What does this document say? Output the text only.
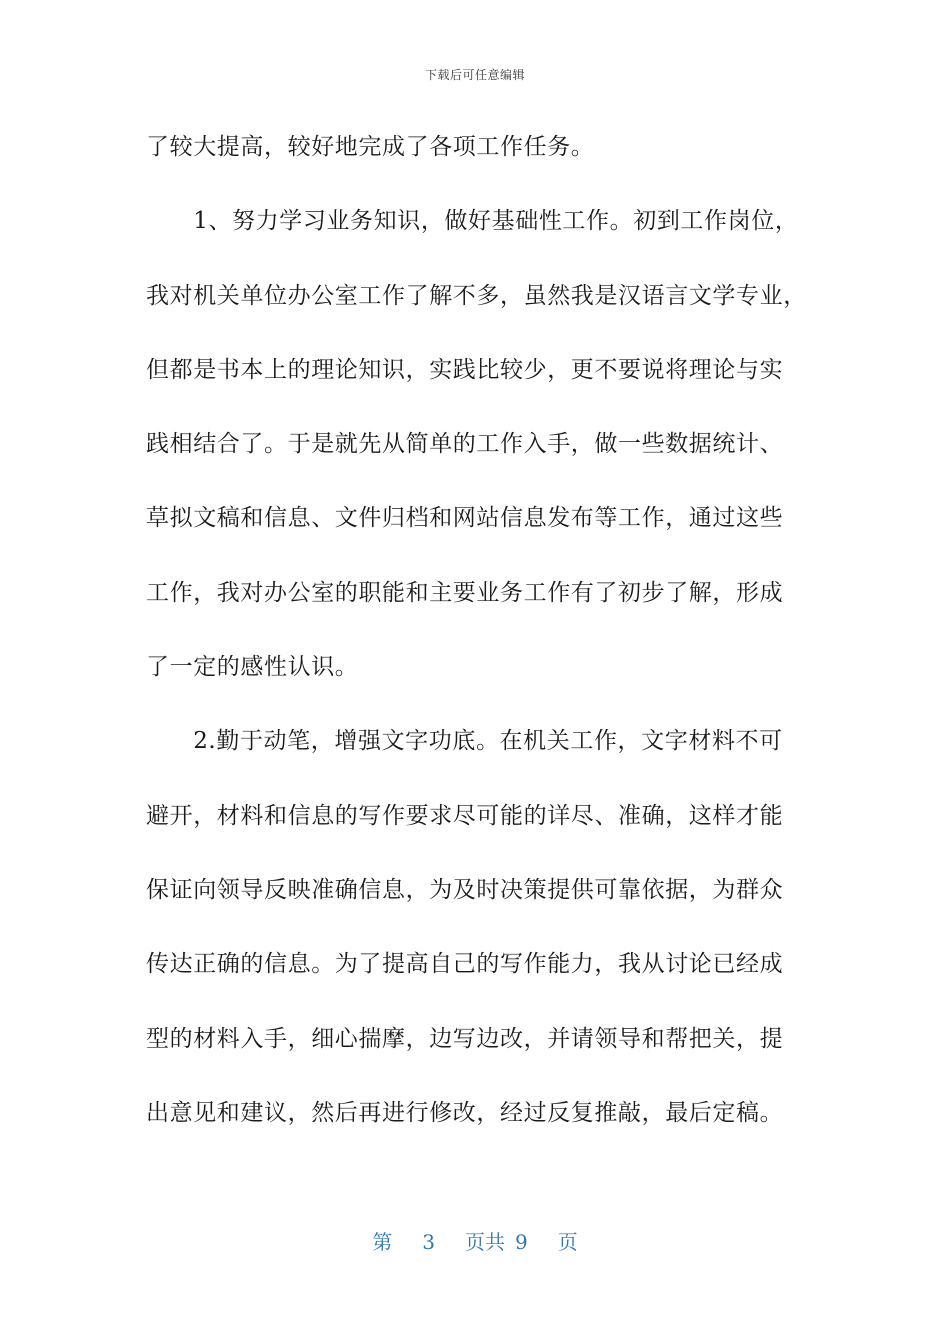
下载后可任意编辑
了较大提高，较好地完成了各项工作任务。
　　1、努力学习业务知识，做好基础性工作。初到工作岗位，
我对机关单位办公室工作了解不多，虽然我是汉语言文学专业，
但都是书本上的理论知识，实践比较少，更不要说将理论与实
践相结合了。于是就先从简单的工作入手，做一些数据统计、
草拟文稿和信息、文件归档和网站信息发布等工作，通过这些
工作，我对办公室的职能和主要业务工作有了初步了解，形成
了一定的感性认识。
　　2.勤于动笔，增强文字功底。在机关工作，文字材料不可
避开，材料和信息的写作要求尽可能的详尽、准确，这样才能
保证向领导反映准确信息，为及时决策提供可靠依据，为群众
传达正确的信息。为了提高自己的写作能力，我从讨论已经成
型的材料入手，细心揣摩，边写边改，并请领导和帮把关，提
出意见和建议，然后再进行修改，经过反复推敲，最后定稿。
第 3 页共 9 页
